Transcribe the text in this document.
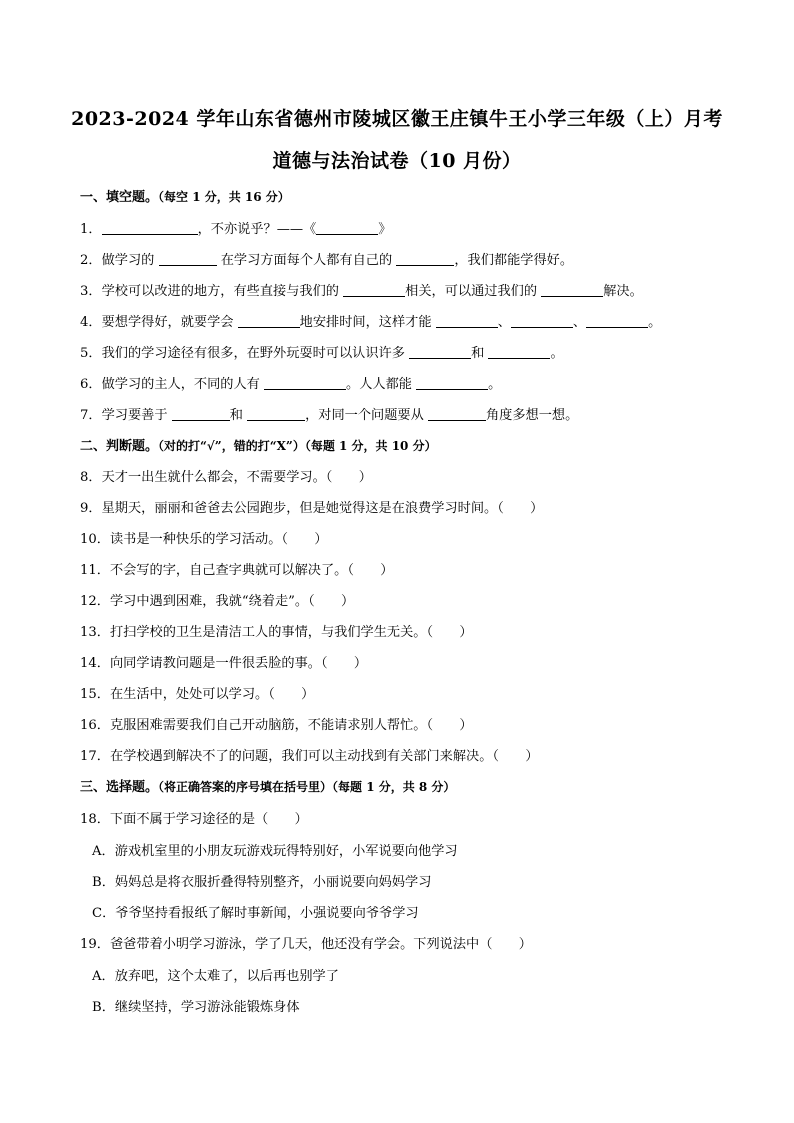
2023-2024 学年山东省德州市陵城区徽王庄镇牛王小学三年级（上）月考
道德与法治试卷（10 月份）
一、填空题。（每空 1 分，共 16 分）
1．	，不亦说乎？——《	》
2．做学习的	在学习方面每个人都有自己的	，我们都能学得好。
3．学校可以改进的地方，有些直接与我们的	相关，可以通过我们的	解决。
4．要想学得好，就要学会	地安排时间，这样才能	、	、	。
5．我们的学习途径有很多，在野外玩耍时可以认识许多	和	。
6．做学习的主人，不同的人有	。人人都能	。
7．学习要善于	和	，对同一个问题要从	角度多想一想。
二、判断题。（对的打“√”，错的打“X”）（每题 1 分，共 10 分）
8．天才一出生就什么都会，不需要学习。（　　）
9．星期天，丽丽和爸爸去公园跑步，但是她觉得这是在浪费学习时间。（　　）
10．读书是一种快乐的学习活动。（　　）
11．不会写的字，自己查字典就可以解决了。（　　）
12．学习中遇到困难，我就“绕着走”。（　　）
13．打扫学校的卫生是清洁工人的事情，与我们学生无关。（　　）
14．向同学请教问题是一件很丢脸的事。（　　）
15．在生活中，处处可以学习。（　　）
16．克服困难需要我们自己开动脑筋，不能请求别人帮忙。（　　）
17．在学校遇到解决不了的问题，我们可以主动找到有关部门来解决。（　　）
三、选择题。（将正确答案的序号填在括号里）（每题 1 分，共 8 分）
18．下面不属于学习途径的是（　　）
A．游戏机室里的小朋友玩游戏玩得特别好，小军说要向他学习
B．妈妈总是将衣服折叠得特别整齐，小丽说要向妈妈学习
C．爷爷坚持看报纸了解时事新闻，小强说要向爷爷学习
19．爸爸带着小明学习游泳，学了几天，他还没有学会。下列说法中（　　）
A．放弃吧，这个太难了，以后再也别学了
B．继续坚持，学习游泳能锻炼身体
